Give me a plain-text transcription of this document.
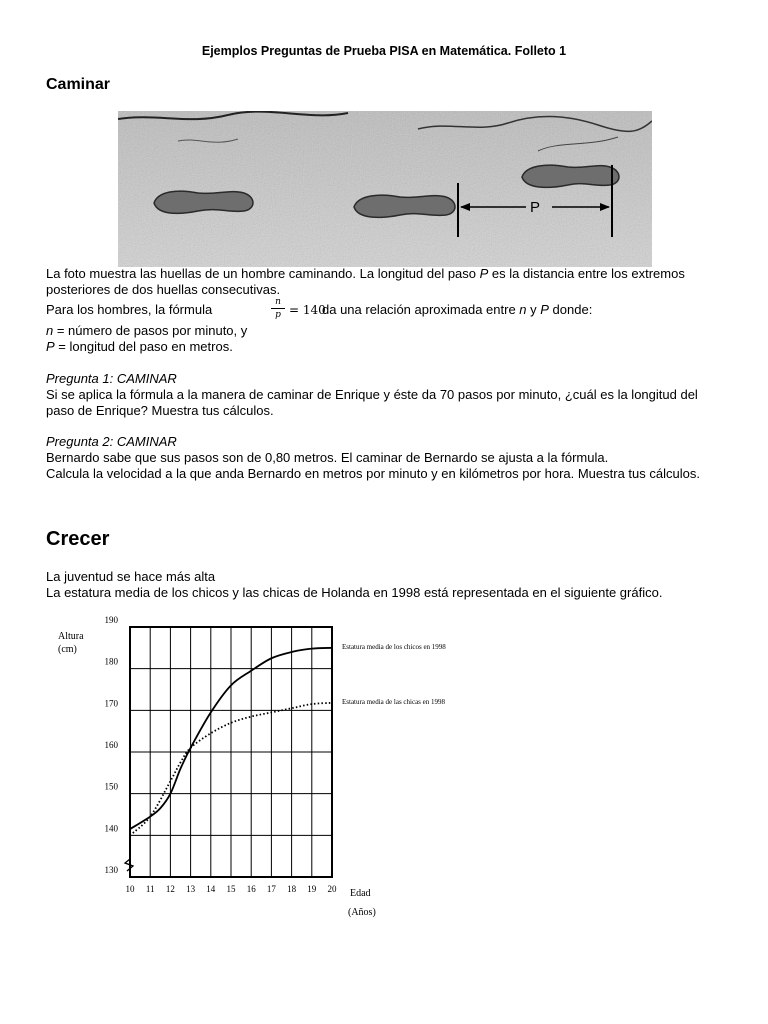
Ejemplos Preguntas de Prueba PISA en Matemática. Folleto 1
Caminar
P

La foto muestra las huellas de un hombre caminando. La longitud del paso P es la distancia entre los extremos posteriores de dos huellas consecutivas.

Para los hombres, la fórmula	n
p = 140
da una relación aproximada entre n y P donde:

n = número de pasos por minuto, y

P = longitud del paso en metros.

Pregunta 1: CAMINAR

Si se aplica la fórmula a la manera de caminar de Enrique y éste da 70 pasos por minuto, ¿cuál es la longitud del paso de Enrique? Muestra tus cálculos.

Pregunta 2: CAMINAR

Bernardo sabe que sus pasos son de 0,80 metros. El caminar de Bernardo se ajusta a la fórmula.

Calcula la velocidad a la que anda Bernardo en metros por minuto y en kilómetros por hora. Muestra tus cálculos.

Crecer

La juventud se hace más alta

La estatura media de los chicos y las chicas de Holanda en 1998 está representada en el siguiente gráfico.

10 11 12 13 14 15 16 17 18 19 20
130
140
150
160
170
180
190
Altura
(cm)
Edad
(Años)
Estatura media de los chicos en 1998
Estatura media de las chicas en 1998
